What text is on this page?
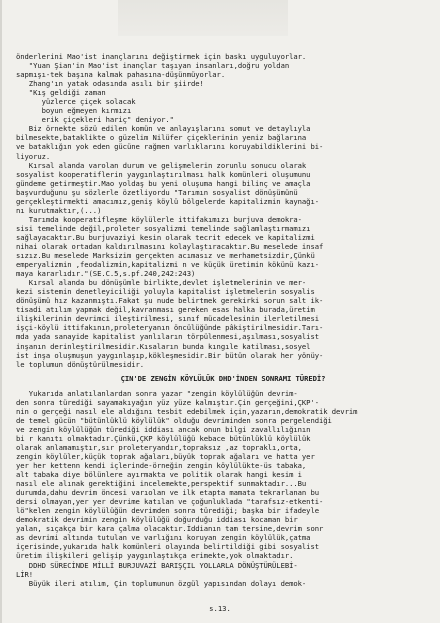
önderlerini Mao'ist inançlarını değiştirmek için baskı uyguluyorlar.
"Yuan Şian'in Mao'ist inançlar taşıyan insanları,doğru yoldan
sapmışı-tek başına kalmak pahasına-düşünmüyorlar.
Zhang'ın yatak odasında asılı bir şiirde!
"Kış geldiği zaman
yüzlerce çiçek solacak
boyun eğmeyen kırmızı
erik çiçekleri hariç" deniyor."
Biz örnekte sözü edilen komün ve anlayışlarını somut ve detaylıyla
bilmesekte,bataklikte o güzelim Nilüfer çiçeklerinin yeniz bağlarına
ve bataklığın yok eden gücüne rağmen varlıklarını koruyabildiklerini bi-
liyoruz.
Kırsal alanda varolan durum ve gelişmelerin zorunlu sonucu olarak
sosyalist kooperatiflerin yaygınlaştırılması halk komünleri oluşumunu
gündeme getirmeştir.Mao yoldaş bu yeni oluşuma hangi bilinç ve amaçla
başvurduğunu şu sözlerle özetliyordu "Tarımın sosyalist dönüşümünü
gerçekleştirmekti amacımız,geniş köylü bölgelerde kapitalizmin kaynağı-
nı kurutmaktır,(...)
Tarımda kooperatifleşme köylülerle ittifakımızı burjuva demokra-
sisi temelinde değil,proleter sosyalizmi temelinde sağlamlaştırmamızı
sağlayacaktır.Bu burjuvaziyi kesin olarak tecrit edecek ve kapitalizmi
nihai olarak ortadan kaldırılmasını kolaylaştıracaktır.Bu meselede insaf
sızız.Bu meselede Marksizim gerçekten acımasız ve merhametsizdir,Çünkü
emperyalizmin ,feodalizmin,kapitalizmi n ve küçük üretimin kökünü kazı-
maya kararlıdır."(SE.C.5,s.pf.240,242:243)
Kırsal alanda bu dönüşümle birlikte,devlet işletmelerinin ve mer-
kezi sistemin denetleyiciliği yoluyla kapitalist işletmelerin sosyalis
dönüşümü hız kazanmıştı.Fakat şu nude belirtmek gerekirki sorun salt ik-
tisadi atılım yapmak değil,kavranması gereken esas halka burada,üretim
ilişkilerinin devrimci ileştirilmesi, sınıf mücadelesinin ilerletilmesi
işçi-köylü ittifakının,proleteryanın öncülüğünde pâkiştirilmesidir.Tarı-
mda yada sanayide kapitalist yanlıların törpülenmesi,aşılması,sosyalist
inşanın derinleştirilmesidir.Kısaların bunda kıngıle katilması,sosyel
ist inşa oluşmuşun yaygınlaşıp,kökleşmesidir.Bir bütün olarak her yönüy-
le toplumun dönüştürülmesidir.
ÇIN'DE ZENGİN KÖYLÜLÜK DHD'İNDEN SONRAMI TÜREDİ?
Yukarıda anlatılanlardan sonra yazar "zengin köylülüğün devrim-
den sonra türediği sayamakıyağın yüz yüze kalmıştır.Çin gerçeğini,ÇKP'-
nin o gerçeği nasıl ele aldığını tesbit edebilmek için,yazarın,demokratik devrim
de temel gücün "bütünlüklü köylülük" olduğu devriminden sonra pergelendiği
ve zengin köylülüğün türediği iddiası ancak onun bilgi zavallılığının
bi r kanıtı olmaktadır.Çünkü,ÇKP köylülüğü kebace bütünlüklü köylülük
olarak anlamamıştır,sır proleteryandır,topraksız ,az topraklı,orta,
zengin köylüler,küçük toprak ağaları,büyük toprak ağaları ve hatta yer
yer her kettenn kendi içlerinde-örneğin zengin köylülükte-üs tabaka,
alt tabaka diye bölünlere ayırmakta ve politik olarak hangi kesim i
nasıl ele alınak gerektiğini incelemekte,perspektif sunmaktadır...Bu
durumda,dahu devrim öncesi varıolan ve ilk etapta mamata tekrarlanan bu
dersi olmayan,yer yer devrime katılan ve çoğunluklada "tarafsız-etkenti-
lö"kelen zengin köylülüğün devrimden sonra türediği; başka bir ifadeyle
demokratik devrimin zengin köylülüğü doğurduğu iddiası kocaman bir
yalan, sıçakça bir kara çalma olacaktır.İddianın tam tersine,devrim sonr
as devrimi altında tutulan ve varlığını koruyan zengin köylülük,çatma
içerisinde,yukarıda halk komünleri olayında belirtildiği gibi sosyalist
üretim ilişkileri gelişip yaygınlaştıkça erimekte,yok olmaktadır.
DDHD SÜRECİNDE MİLLİ BURJUVAZİ BARIŞÇIL YOLLARLA DÖNÜŞTÜRÜLEBİ-
LİR!
Büyük ileri atılım, Çin toplumunun özgül yapısından dolayı demok-
s.13.
